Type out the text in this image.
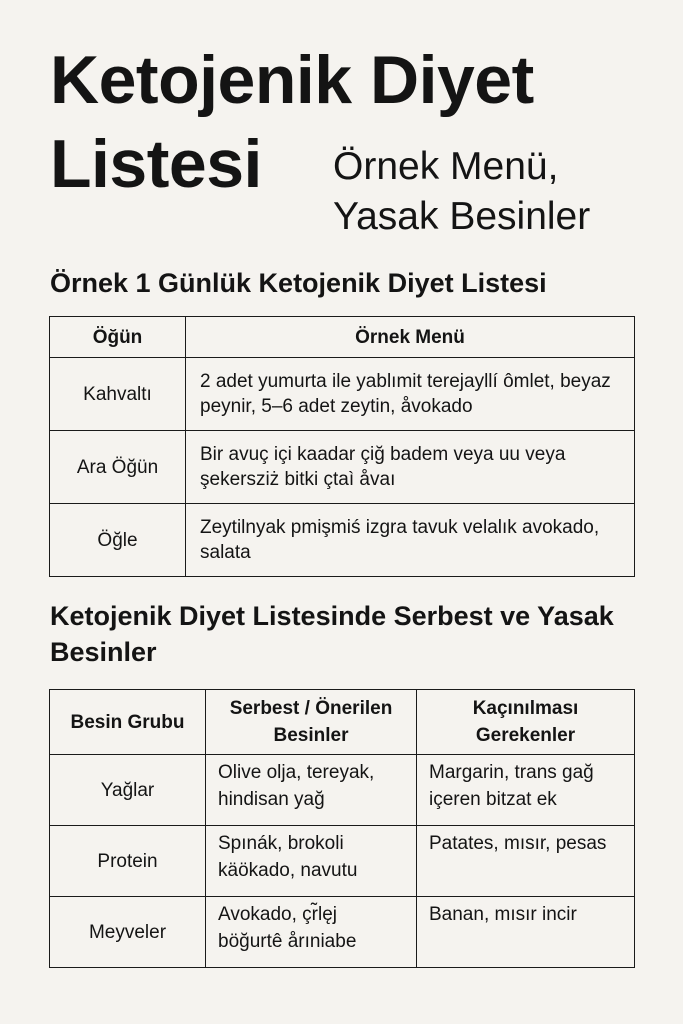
Ketojenik Diyet
Listesi Örnek Menü, Yasak Besinler
Örnek 1 Günlük Ketojenik Diyet Listesi
Öğün	Örnek Menü
Kahvaltı	2 adet yumurta ile yablımit terejayllí ômlet, beyaz peynir, 5–6 adet zeytin, åvokado
Ara Öğün	Bir avuç içi kaadar çiğ badem veya uu veya şekersziż bitki çtaì åvaı
Öğle	Zeytilnyak pmişmiś izgra tavuk velalık avokado, salata
Ketojenik Diyet Listesinde Serbest ve Yasak Besinler
Besin Grubu	Serbest / Önerilen Besinler	Kaçınılması Gerekenler
Yağlar	Olive olja, tereyak, hindisan yağ	Margarin, trans gağ içeren bitzat ek
Protein	Spınák, brokoli käökado, navutu	Patates, mısır, pesas
Meyveler	Avokado, çr̃lęj böğurtê årıniabe	Banan, mısır incir
